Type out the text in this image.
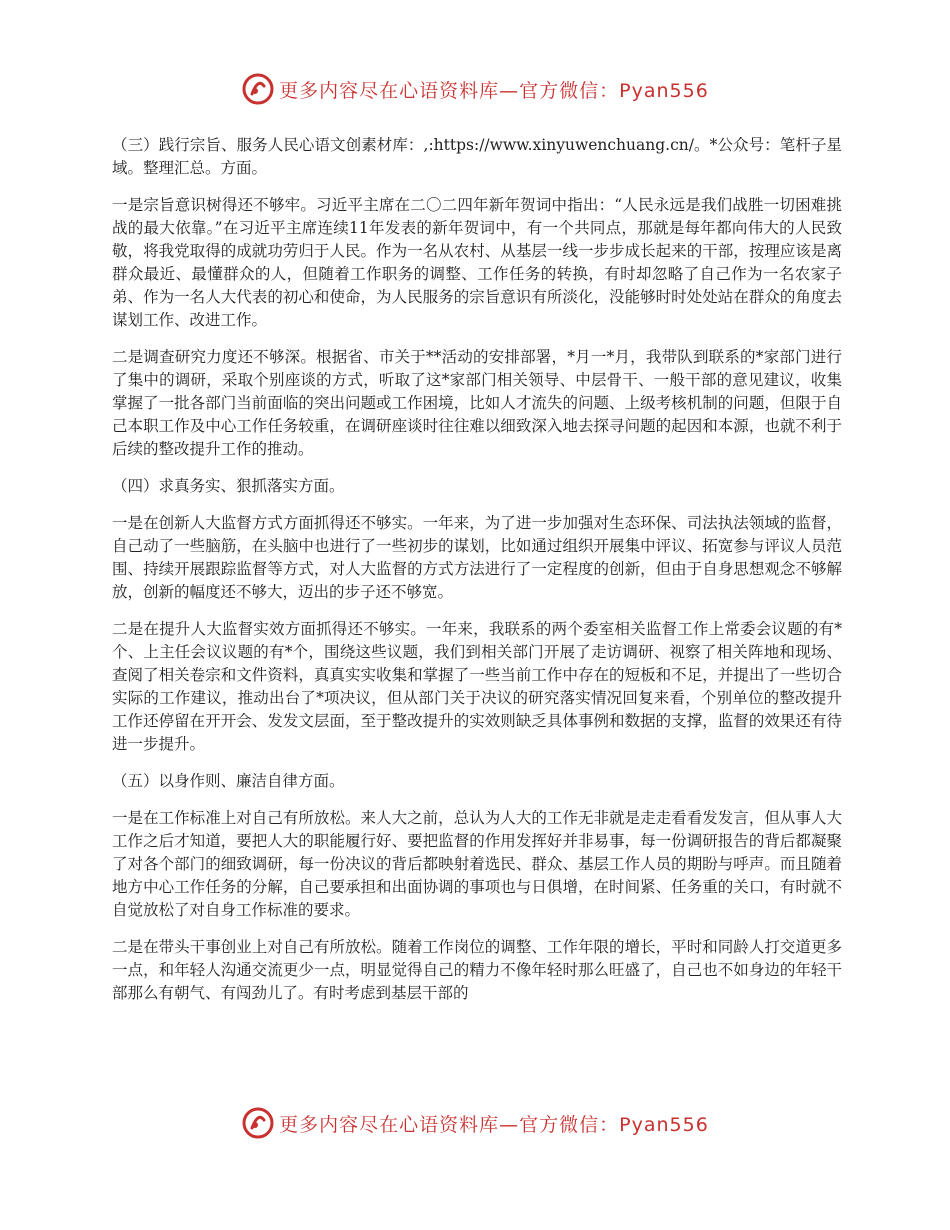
更多内容尽在心语资料库—官方微信：Pyan556

（三）践行宗旨、服务人民心语文创素材库：,:https://www.xinyuwenchuang.cn/。*公众号：笔杆子星域。整理汇总。方面。

一是宗旨意识树得还不够牢。习近平主席在二〇二四年新年贺词中指出：“人民永远是我们战胜一切困难挑战的最大依靠。”在习近平主席连续11年发表的新年贺词中，有一个共同点，那就是每年都向伟大的人民致敬，将我党取得的成就功劳归于人民。作为一名从农村、从基层一线一步步成长起来的干部，按理应该是离群众最近、最懂群众的人，但随着工作职务的调整、工作任务的转换，有时却忽略了自己作为一名农家子弟、作为一名人大代表的初心和使命，为人民服务的宗旨意识有所淡化，没能够时时处处站在群众的角度去谋划工作、改进工作。

二是调查研究力度还不够深。根据省、市关于**活动的安排部署，*月一*月，我带队到联系的*家部门进行了集中的调研，采取个别座谈的方式，听取了这*家部门相关领导、中层骨干、一般干部的意见建议，收集掌握了一批各部门当前面临的突出问题或工作困境，比如人才流失的问题、上级考核机制的问题，但限于自己本职工作及中心工作任务较重，在调研座谈时往往难以细致深入地去探寻问题的起因和本源，也就不利于后续的整改提升工作的推动。

（四）求真务实、狠抓落实方面。

一是在创新人大监督方式方面抓得还不够实。一年来，为了进一步加强对生态环保、司法执法领域的监督，自己动了一些脑筋，在头脑中也进行了一些初步的谋划，比如通过组织开展集中评议、拓宽参与评议人员范围、持续开展跟踪监督等方式，对人大监督的方式方法进行了一定程度的创新，但由于自身思想观念不够解放，创新的幅度还不够大，迈出的步子还不够宽。

二是在提升人大监督实效方面抓得还不够实。一年来，我联系的两个委室相关监督工作上常委会议题的有*个、上主任会议议题的有*个，围绕这些议题，我们到相关部门开展了走访调研、视察了相关阵地和现场、查阅了相关卷宗和文件资料，真真实实收集和掌握了一些当前工作中存在的短板和不足，并提出了一些切合实际的工作建议，推动出台了*项决议，但从部门关于决议的研究落实情况回复来看，个别单位的整改提升工作还停留在开开会、发发文层面，至于整改提升的实效则缺乏具体事例和数据的支撑，监督的效果还有待进一步提升。

（五）以身作则、廉洁自律方面。

一是在工作标准上对自己有所放松。来人大之前，总认为人大的工作无非就是走走看看发发言，但从事人大工作之后才知道，要把人大的职能履行好、要把监督的作用发挥好并非易事，每一份调研报告的背后都凝聚了对各个部门的细致调研，每一份决议的背后都映射着选民、群众、基层工作人员的期盼与呼声。而且随着地方中心工作任务的分解，自己要承担和出面协调的事项也与日俱增，在时间紧、任务重的关口，有时就不自觉放松了对自身工作标准的要求。

二是在带头干事创业上对自己有所放松。随着工作岗位的调整、工作年限的增长，平时和同龄人打交道更多一点，和年轻人沟通交流更少一点，明显觉得自己的精力不像年轻时那么旺盛了，自己也不如身边的年轻干部那么有朝气、有闯劲儿了。有时考虑到基层干部的

更多内容尽在心语资料库—官方微信：Pyan556
